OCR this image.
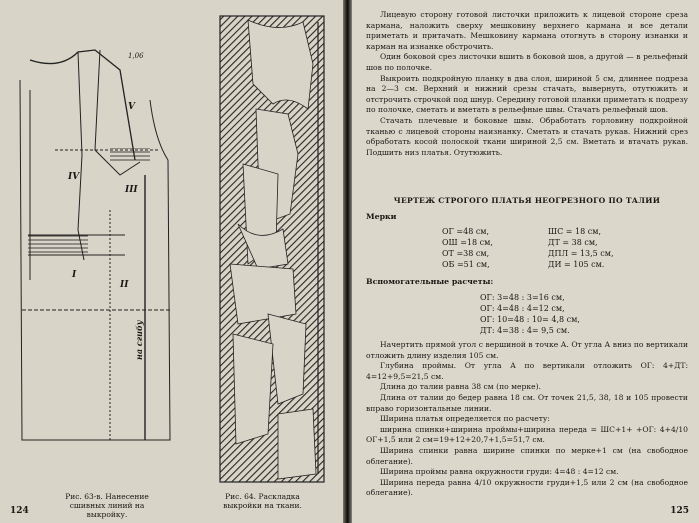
IV
V
III
I
II
1,06
на сгибу
Рис. 63-в. Нанесение сшивных линий на выкройку.
Рис. 64. Раскладка выкройки на ткани.
124

Лицевую сторону готовой листочки приложить к лицевой стороне среза кармана, наложить сверху мешковину верхнего кармана и все детали приметать и притачать. Мешковину кармана отогнуть в сторону изнанки и карман на изнанке обстрочить.

Один боковой срез листочки вшить в боковой шов, а другой — в рельефный шов по полочке.

Выкроить подкройную планку в два слоя, шириной 5 см, длиннее подреза на 2—3 см. Верхний и нижний срезы стачать, вывернуть, отутюжить и отстрочить строчкой под шнур. Середину готовой планки приметать к подрезу по полочке, сметать и вметать в рельефные швы. Стачать рельефный шов.

Стачать плечевые и боковые швы. Обработать горловину подкройной тканью с лицевой стороны наизнанку. Сметать и стачать рукав. Нижний срез обработать косой полоской ткани шириной 2,5 см. Вметать и втачать рукав. Подшить низ платья. Отутюжить.

ЧЕРТЕЖ СТРОГОГО ПЛАТЬЯ НЕОГРЕЗНОГО ПО ТАЛИИ
Мерки
ОГ =48 см,
ОШ =18 см,
ОТ =38 см,
ОБ =51 см,
ШС = 18 см,
ДТ = 38 см,
ДПЛ = 13,5 см,
ДИ = 105 см.
Вспомогательные расчеты:
ОГ: 3=48 : 3=16 см,
ОГ: 4=48 : 4=12 см,
ОГ: 10=48 : 10= 4,8 см,
ДТ: 4=38 : 4= 9,5 см.

Начертить прямой угол с вершиной в точке А. От угла А вниз по вертикали отложить длину изделия 105 см.

Глубина проймы. От угла А по вертикали отложить ОГ: 4+ДТ: 4=12+9,5=21,5 см.

Длина до талии равна 38 см (по мерке).

Длина от талии до бедер равна 18 см. От точек 21,5, 38, 18 и 105 провести вправо горизонтальные линии.

Ширина платья определяется по расчету:

ширина спинки+ширина проймы+ширина переда = ШС+1+ +ОГ: 4+4/10 ОГ+1,5 или 2 см=19+12+20,7+1,5=51,7 см.

Ширина спинки равна ширине спинки по мерке+1 см (на свободное облегание).

Ширина проймы равна окружности груди: 4=48 : 4=12 см.

Ширина переда равна 4/10 окружности груди+1,5 или 2 см (на свободное облегание).

125
